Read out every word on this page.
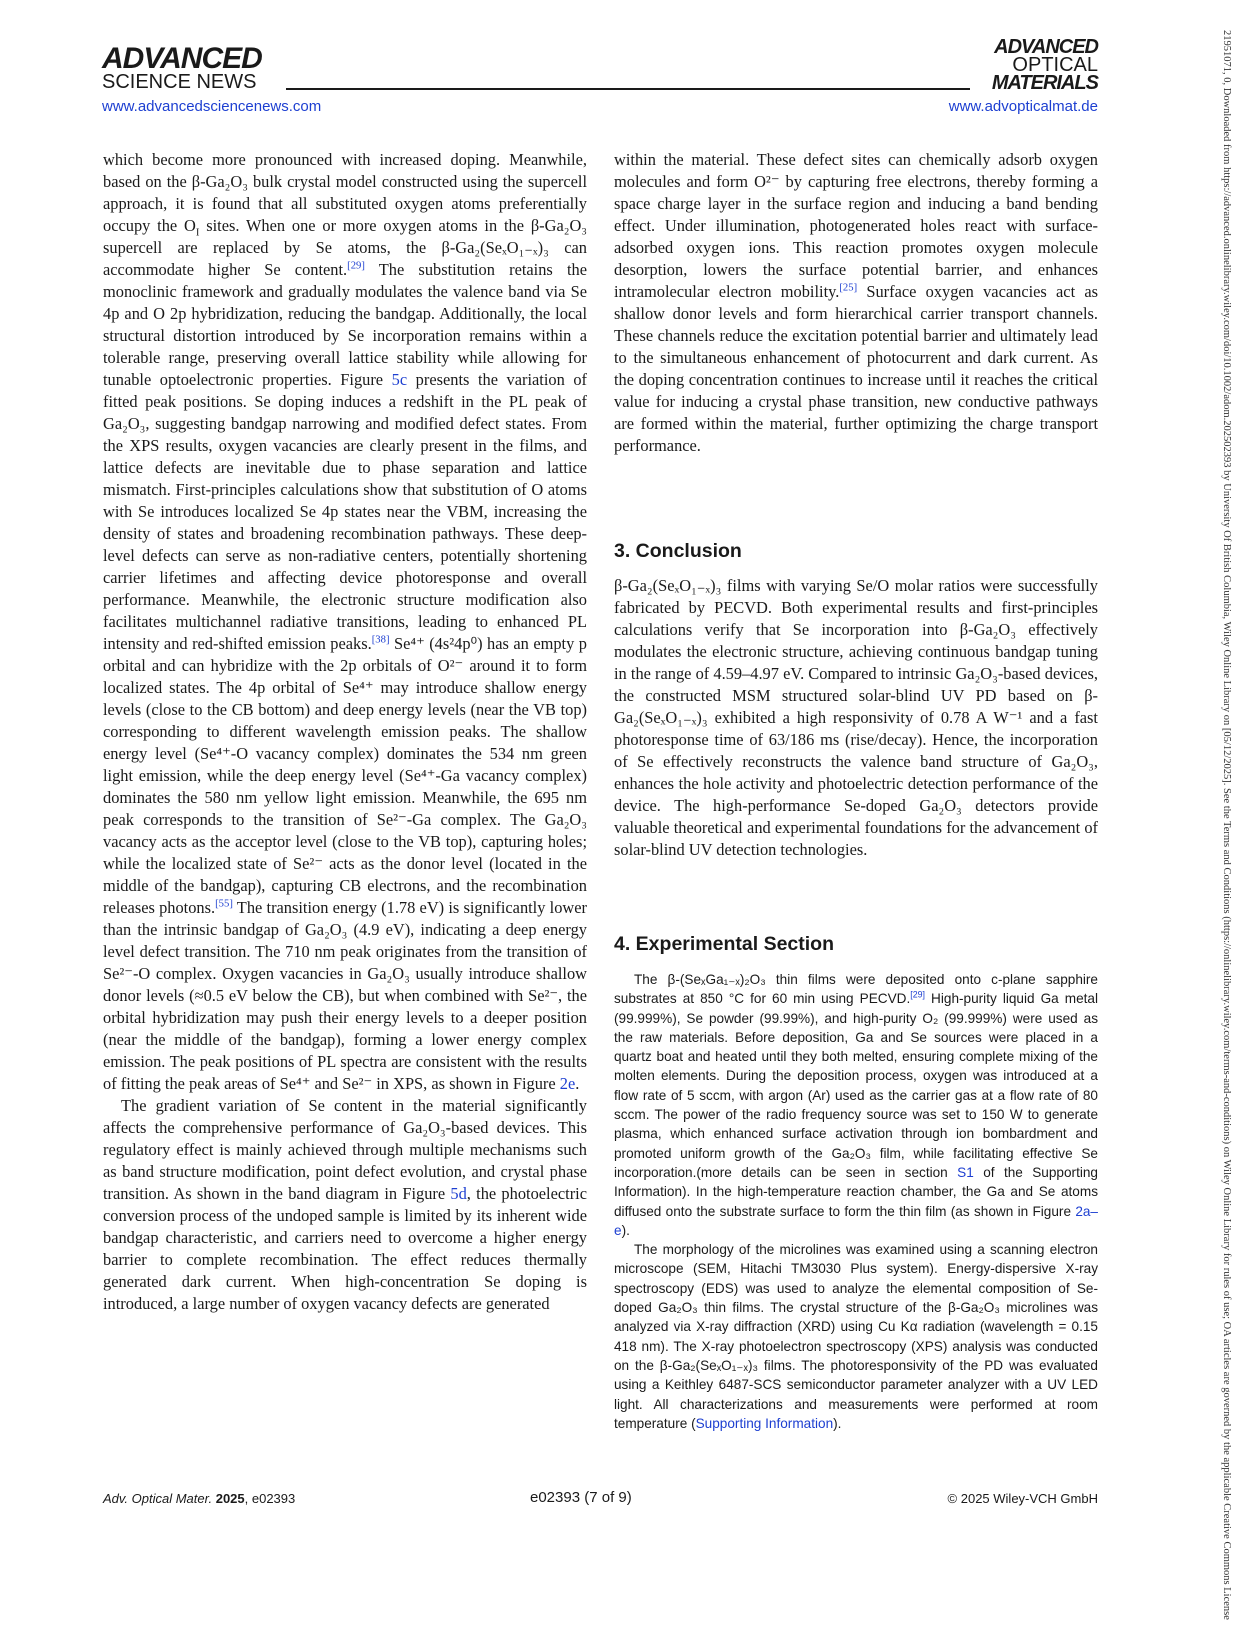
ADVANCED
SCIENCE NEWS
ADVANCED
OPTICAL
MATERIALS
www.advancedsciencenews.com	www.advopticalmat.de

which become more pronounced with increased doping. Meanwhile, based on the β-Ga₂O₃ bulk crystal model constructed using the supercell approach, it is found that all substituted oxygen atoms preferentially occupy the $O_I$ sites. When one or more oxygen atoms in the β-Ga₂O₃ supercell are replaced by Se atoms, the β-Ga₂(SeₓO₁₋ₓ)₃ can accommodate higher Se content.[29] The substitution retains the monoclinic framework and gradually modulates the valence band via Se 4p and O 2p hybridization, reducing the bandgap. Additionally, the local structural distortion introduced by Se incorporation remains within a tolerable range, preserving overall lattice stability while allowing for tunable optoelectronic properties. Figure 5c presents the variation of fitted peak positions. Se doping induces a redshift in the PL peak of Ga₂O₃, suggesting bandgap narrowing and modified defect states. From the XPS results, oxygen vacancies are clearly present in the films, and lattice defects are inevitable due to phase separation and lattice mismatch. First-principles calculations show that substitution of O atoms with Se introduces localized Se 4p states near the VBM, increasing the density of states and broadening recombination pathways. These deep-level defects can serve as non-radiative centers, potentially shortening carrier lifetimes and affecting device photoresponse and overall performance. Meanwhile, the electronic structure modification also facilitates multichannel radiative transitions, leading to enhanced PL intensity and red-shifted emission peaks.[38] Se⁴⁺ (4s²4p⁰) has an empty p orbital and can hybridize with the 2p orbitals of O²⁻ around it to form localized states. The 4p orbital of Se⁴⁺ may introduce shallow energy levels (close to the CB bottom) and deep energy levels (near the VB top) corresponding to different wavelength emission peaks. The shallow energy level (Se⁴⁺-O vacancy complex) dominates the 534 nm green light emission, while the deep energy level (Se⁴⁺-Ga vacancy complex) dominates the 580 nm yellow light emission. Meanwhile, the 695 nm peak corresponds to the transition of Se²⁻-Ga complex. The Ga₂O₃ vacancy acts as the acceptor level (close to the VB top), capturing holes; while the localized state of Se²⁻ acts as the donor level (located in the middle of the bandgap), capturing CB electrons, and the recombination releases photons.[55] The transition energy (1.78 eV) is significantly lower than the intrinsic bandgap of Ga₂O₃ (4.9 eV), indicating a deep energy level defect transition. The 710 nm peak originates from the transition of Se²⁻-O complex. Oxygen vacancies in Ga₂O₃ usually introduce shallow donor levels (≈0.5 eV below the CB), but when combined with Se²⁻, the orbital hybridization may push their energy levels to a deeper position (near the middle of the bandgap), forming a lower energy complex emission. The peak positions of PL spectra are consistent with the results of fitting the peak areas of Se⁴⁺ and Se²⁻ in XPS, as shown in Figure 2e.

The gradient variation of Se content in the material significantly affects the comprehensive performance of Ga₂O₃-based devices. This regulatory effect is mainly achieved through multiple mechanisms such as band structure modification, point defect evolution, and crystal phase transition. As shown in the band diagram in Figure 5d, the photoelectric conversion process of the undoped sample is limited by its inherent wide bandgap characteristic, and carriers need to overcome a higher energy barrier to complete recombination. The effect reduces thermally generated dark current. When high-concentration Se doping is introduced, a large number of oxygen vacancy defects are generated

within the material. These defect sites can chemically adsorb oxygen molecules and form O²⁻ by capturing free electrons, thereby forming a space charge layer in the surface region and inducing a band bending effect. Under illumination, photogenerated holes react with surface-adsorbed oxygen ions. This reaction promotes oxygen molecule desorption, lowers the surface potential barrier, and enhances intramolecular electron mobility.[25] Surface oxygen vacancies act as shallow donor levels and form hierarchical carrier transport channels. These channels reduce the excitation potential barrier and ultimately lead to the simultaneous enhancement of photocurrent and dark current. As the doping concentration continues to increase until it reaches the critical value for inducing a crystal phase transition, new conductive pathways are formed within the material, further optimizing the charge transport performance.

3. Conclusion
β-Ga₂(SeₓO₁₋ₓ)₃ films with varying Se/O molar ratios were successfully fabricated by PECVD. Both experimental results and first-principles calculations verify that Se incorporation into β-Ga₂O₃ effectively modulates the electronic structure, achieving continuous bandgap tuning in the range of 4.59–4.97 eV. Compared to intrinsic Ga₂O₃-based devices, the constructed MSM structured solar-blind UV PD based on β-Ga₂(SeₓO₁₋ₓ)₃ exhibited a high responsivity of 0.78 A W⁻¹ and a fast photoresponse time of 63/186 ms (rise/decay). Hence, the incorporation of Se effectively reconstructs the valence band structure of Ga₂O₃, enhances the hole activity and photoelectric detection performance of the device. The high-performance Se-doped Ga₂O₃ detectors provide valuable theoretical and experimental foundations for the advancement of solar-blind UV detection technologies.
4. Experimental Section

The β-(SeₓGa₁₋ₓ)₂O₃ thin films were deposited onto c-plane sapphire substrates at 850 °C for 60 min using PECVD.[29] High-purity liquid Ga metal (99.999%), Se powder (99.99%), and high-purity O₂ (99.999%) were used as the raw materials. Before deposition, Ga and Se sources were placed in a quartz boat and heated until they both melted, ensuring complete mixing of the molten elements. During the deposition process, oxygen was introduced at a flow rate of 5 sccm, with argon (Ar) used as the carrier gas at a flow rate of 80 sccm. The power of the radio frequency source was set to 150 W to generate plasma, which enhanced surface activation through ion bombardment and promoted uniform growth of the Ga₂O₃ film, while facilitating effective Se incorporation.(more details can be seen in section S1 of the Supporting Information). In the high-temperature reaction chamber, the Ga and Se atoms diffused onto the substrate surface to form the thin film (as shown in Figure 2a–e).

The morphology of the microlines was examined using a scanning electron microscope (SEM, Hitachi TM3030 Plus system). Energy-dispersive X-ray spectroscopy (EDS) was used to analyze the elemental composition of Se-doped Ga₂O₃ thin films. The crystal structure of the β-Ga₂O₃ microlines was analyzed via X-ray diffraction (XRD) using Cu Kα radiation (wavelength = 0.15 418 nm). The X-ray photoelectron spectroscopy (XPS) analysis was conducted on the β-Ga₂(SeₓO₁₋ₓ)₃ films. The photoresponsivity of the PD was evaluated using a Keithley 6487-SCS semiconductor parameter analyzer with a UV LED light. All characterizations and measurements were performed at room temperature (Supporting Information).

Adv. Optical Mater. 2025, e02393	e02393 (7 of 9)	© 2025 Wiley-VCH GmbH	21951071, 0, Downloaded from https://advanced.onlinelibrary.wiley.com/doi/10.1002/adom.202502393 by University Of British Columbia, Wiley Online Library on [05/12/2025]. See the Terms and Conditions (https://onlinelibrary.wiley.com/terms-and-conditions) on Wiley Online Library for rules of use; OA articles are governed by the applicable Creative Commons License
